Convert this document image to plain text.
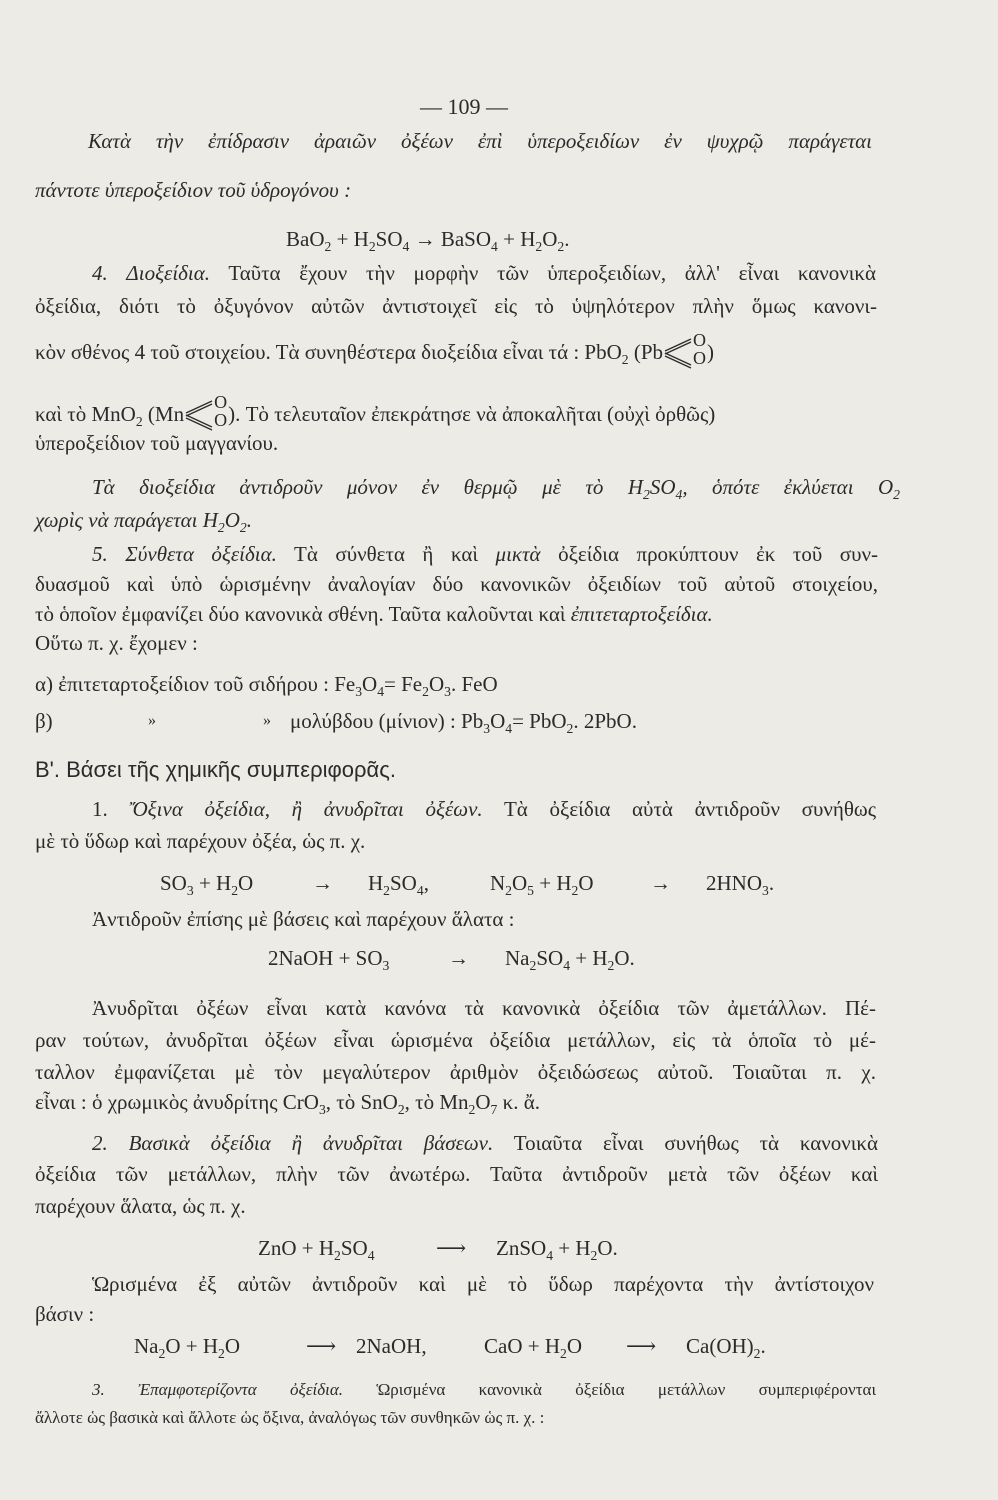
— 109 —
Κατὰ τὴν ἐπίδρασιν ἀραιῶν ὀξέων ἐπὶ ὑπεροξειδίων ἐν ψυχρῷ παράγεται
πάντοτε ὑπεροξείδιον τοῦ ὑδρογόνου :
$BaO_2 + H_2SO_4$ → BaSO$_4$ + $H_2O_2$.
4. Διοξείδια. Ταῦτα ἔχουν τὴν μορφὴν τῶν ὑπεροξειδίων, ἀλλ' εἶναι κανονικὰ
ὀξείδια, διότι τὸ ὀξυγόνον αὐτῶν ἀντιστοιχεῖ εἰς τὸ ὑψηλότερον πλὴν ὅμως κανονι-
κὸν σθένος 4 τοῦ στοιχείου. Τὰ συνηθέστερα διοξείδια εἶναι τά : PbO$_2$ (Pb O
O )
καὶ τὸ MnO$_2$ (Mn O
O ). Τὸ τελευταῖον ἐπεκράτησε νὰ ἀποκαλῆται (οὐχὶ ὀρθῶς)
ὑπεροξείδιον τοῦ μαγγανίου.
Τὰ διοξείδια ἀντιδροῦν μόνον ἐν θερμῷ μὲ τὸ $H_2SO_4$, ὁπότε ἐκλύεται $O_2$
χωρὶς νὰ παράγεται $H_2O_2$.
5. Σύνθετα ὀξείδια. Τὰ σύνθετα ἢ καὶ μικτὰ ὀξείδια προκύπτουν ἐκ τοῦ συν-
δυασμοῦ καὶ ὑπὸ ὡρισμένην ἀναλογίαν δύο κανονικῶν ὀξειδίων τοῦ αὐτοῦ στοιχείου,
τὸ ὁποῖον ἐμφανίζει δύο κανονικὰ σθένη. Ταῦτα καλοῦνται καὶ ἐπιτεταρτοξείδια.
Οὕτω π. χ. ἔχομεν :
α) ἐπιτεταρτοξείδιον τοῦ σιδήρου : $Fe_3O_4= Fe_2O_3$. FeO
β)	»	» μολύβδου (μίνιον) : $Pb_3O_4= PbO_2$. 2PbO.
Β'. Βάσει τῆς χημικῆς συμπεριφορᾶς.
1. Ὄξινα ὀξείδια, ἢ ἀνυδρῖται ὀξέων. Τὰ ὀξείδια αὐτὰ ἀντιδροῦν συνήθως
μὲ τὸ ὕδωρ καὶ παρέχουν ὀξέα, ὡς π. χ.
$SO_3 + H_2O$	→ $H_2SO_4$,	$N_2O_5 + H_2O$	→ $2HNO_3$.
Ἀντιδροῦν ἐπίσης μὲ βάσεις καὶ παρέχουν ἅλατα :
2NaOH + $SO_3$	→ $Na_2SO_4 + H_2O$.
Ἀνυδρῖται ὀξέων εἶναι κατὰ κανόνα τὰ κανονικὰ ὀξείδια τῶν ἀμετάλλων. Πέ-
ραν τούτων, ἀνυδρῖται ὀξέων εἶναι ὡρισμένα ὀξείδια μετάλλων, εἰς τὰ ὁποῖα τὸ μέ-
ταλλον ἐμφανίζεται μὲ τὸν μεγαλύτερον ἀριθμὸν ὀξειδώσεως αὐτοῦ. Τοιαῦται π. χ.
εἶναι : ὁ χρωμικὸς ἀνυδρίτης CrO$_3$, τὸ SnO$_2$, τὸ $Mn_2O_7$ κ. ἄ.
2. Βασικὰ ὀξείδια ἢ ἀνυδρῖται βάσεων. Τοιαῦτα εἶναι συνήθως τὰ κανονικὰ
ὀξείδια τῶν μετάλλων, πλὴν τῶν ἀνωτέρω. Ταῦτα ἀντιδροῦν μετὰ τῶν ὀξέων καὶ
παρέχουν ἅλατα, ὡς π. χ.
ZnO + $H_2SO_4$	⟶ ZnSO$_4$ + $H_2O$.
Ὡρισμένα ἐξ αὐτῶν ἀντιδροῦν καὶ μὲ τὸ ὕδωρ παρέχοντα τὴν ἀντίστοιχον
βάσιν :
$Na_2O + H_2O$	⟶ 2NaOH,	CaO + $H_2O$ ⟶ $Ca(OH)_2$.
3. Ἐπαμφοτερίζοντα ὀξείδια. Ὡρισμένα κανονικὰ ὀξείδια μετάλλων συμπεριφέρονται
ἄλλοτε ὡς βασικὰ καὶ ἄλλοτε ὡς ὄξινα, ἀναλόγως τῶν συνθηκῶν ὡς π. χ. :
